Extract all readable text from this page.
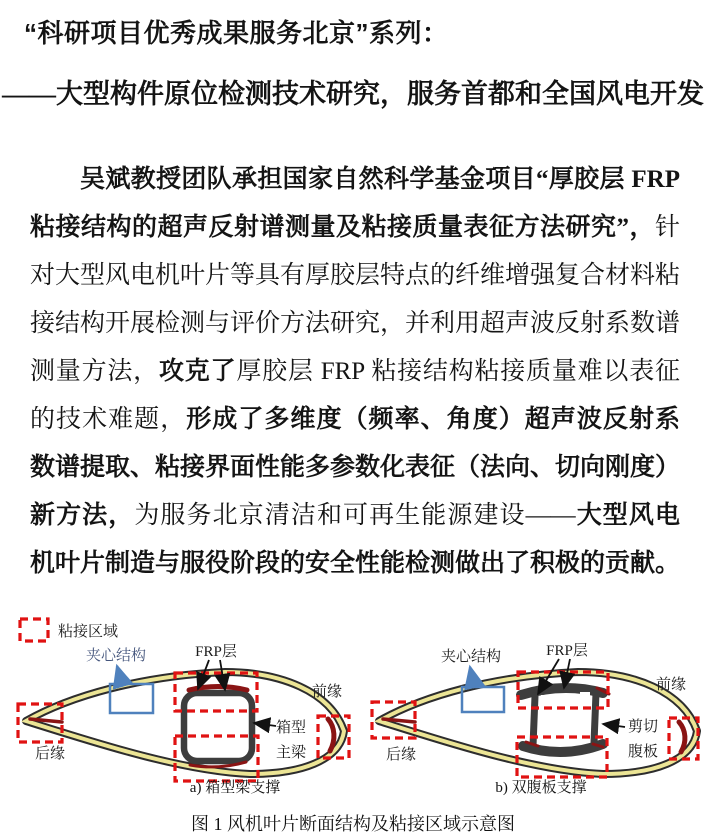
“科研项目优秀成果服务北京”系列：
——大型构件原位检测技术研究，服务首都和全国风电开发

吴斌教授团队承担国家自然科学基金项目“厚胶层 FRP 粘接结构的超声反射谱测量及粘接质量表征方法研究”，针对大型风电机叶片等具有厚胶层特点的纤维增强复合材料粘接结构开展检测与评价方法研究，并利用超声波反射系数谱测量方法，攻克了厚胶层 FRP 粘接结构粘接质量难以表征的技术难题，形成了多维度（频率、角度）超声波反射系数谱提取、粘接界面性能多参数化表征（法向、切向刚度）新方法，为服务北京清洁和可再生能源建设——大型风电机叶片制造与服役阶段的安全性能检测做出了积极的贡献。

粘接区域
夹心结构	FRP层
前缘
后缘
箱型
主梁
a) 箱型梁支撑
夹心结构	FRP层
前缘
后缘
剪切
腹板
b) 双腹板支撑
图 1 风机叶片断面结构及粘接区域示意图
